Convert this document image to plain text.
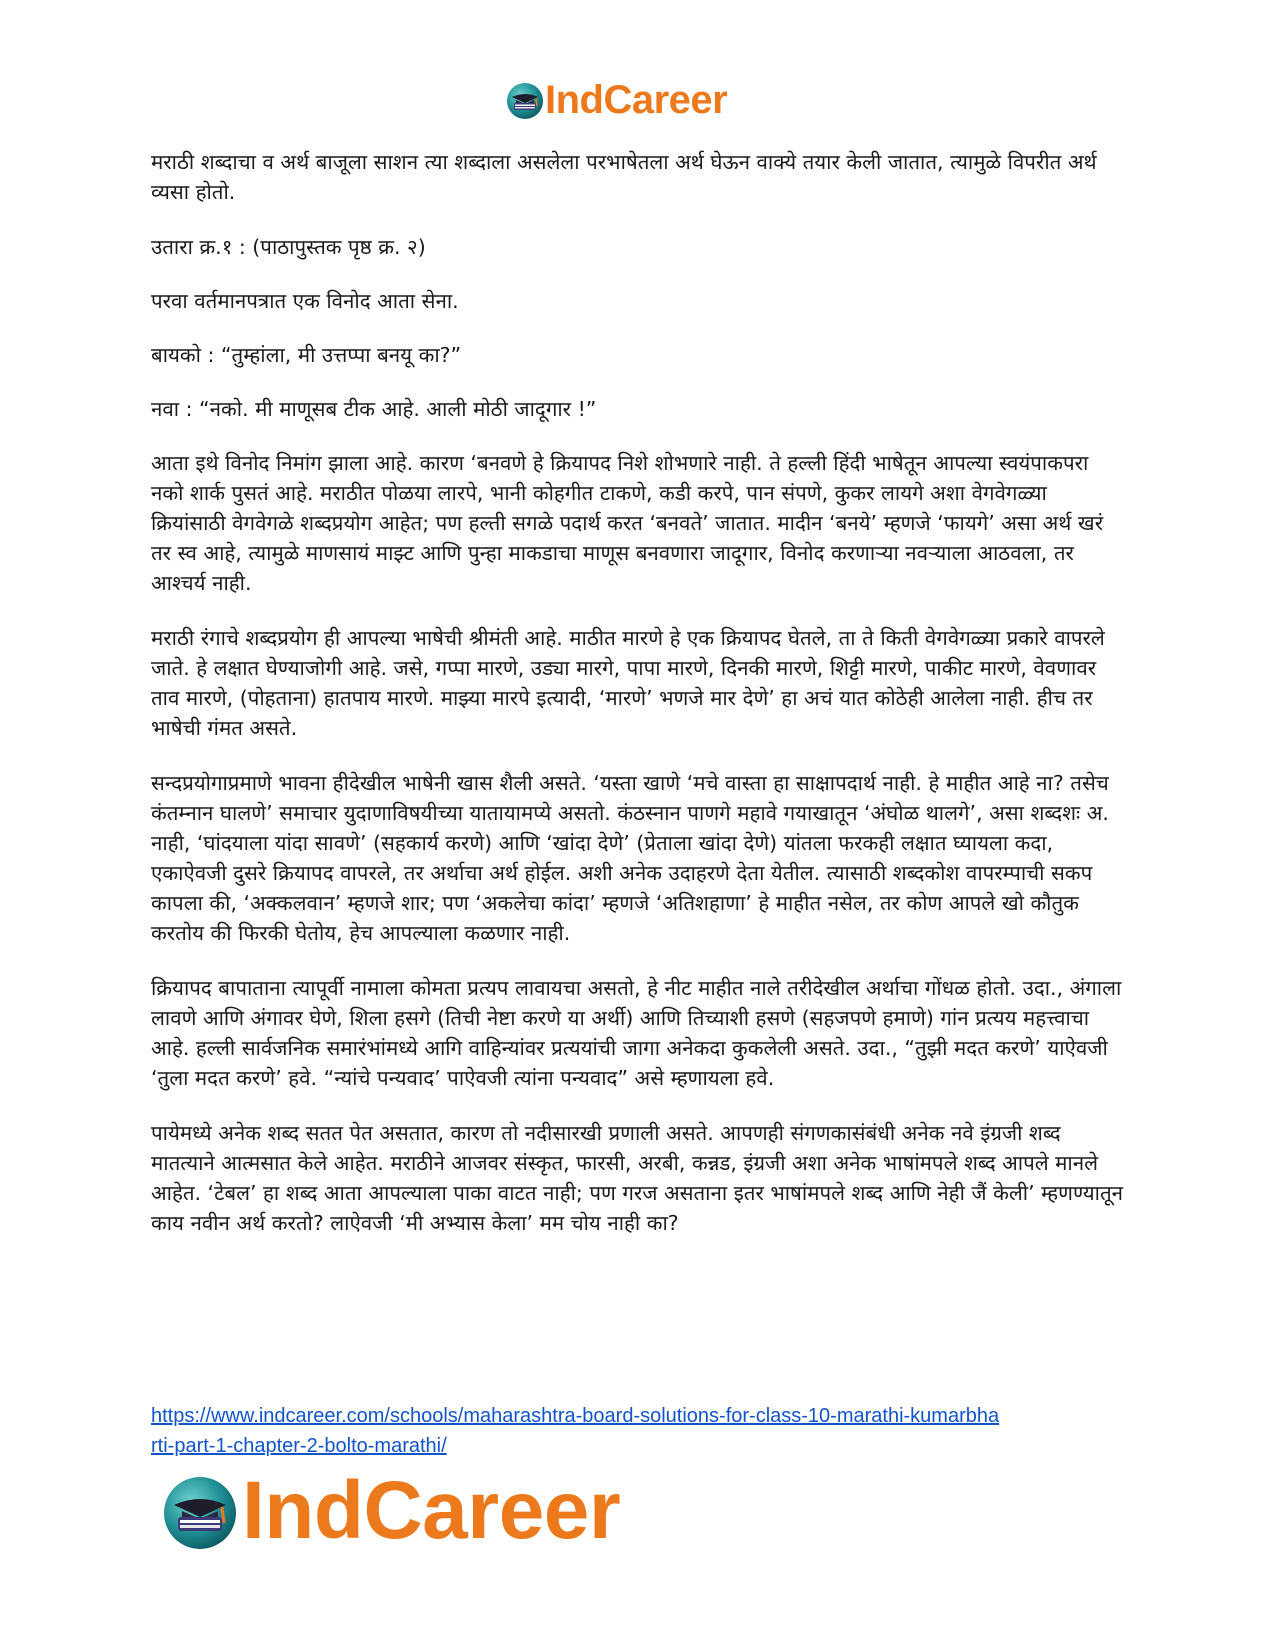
IndCareer

मराठी शब्दाचा व अर्थ बाजूला साशन त्या शब्दाला असलेला परभाषेतला अर्थ घेऊन वाक्ये तयार केली जातात, त्यामुळे विपरीत अर्थ व्यसा होतो.

उतारा क्र.१ : (पाठापुस्तक पृष्ठ क्र. २)

परवा वर्तमानपत्रात एक विनोद आता सेना.

बायको : “तुम्हांला, मी उत्तप्पा बनयू का?”

नवा : “नको. मी माणूसब टीक आहे. आली मोठी जादूगार !”

आता इथे विनोद निमांग झाला आहे. कारण ‘बनवणे हे क्रियापद निशे शोभणारे नाही. ते हल्ली हिंदी भाषेतून आपल्या स्वयंपाकपरा नको शार्क पुसतं आहे. मराठीत पोळया लारपे, भानी कोहगीत टाकणे, कडी करपे, पान संपणे, कुकर लायगे अशा वेगवेगळ्या क्रियांसाठी वेगवेगळे शब्दप्रयोग आहेत; पण हल्ती सगळे पदार्थ करत ‘बनवते’ जातात. मादीन ‘बनये’ म्हणजे ‘फायगे’ असा अर्थ खरं तर स्व आहे, त्यामुळे माणसायं माझ्ट आणि पुन्हा माकडाचा माणूस बनवणारा जादूगार, विनोद करणाऱ्या नवऱ्याला आठवला, तर आश्चर्य नाही.

मराठी रंगाचे शब्दप्रयोग ही आपल्या भाषेची श्रीमंती आहे. माठीत मारणे हे एक क्रियापद घेतले, ता ते किती वेगवेगळ्या प्रकारे वापरले जाते. हे लक्षात घेण्याजोगी आहे. जसे, गप्पा मारणे, उड्या मारगे, पापा मारणे, दिनकी मारणे, शिट्टी मारणे, पाकीट मारणे, वेवणावर ताव मारणे, (पोहताना) हातपाय मारणे. माझ्या मारपे इत्यादी, ‘मारणे’ भणजे मार देणे’ हा अचं यात कोठेही आलेला नाही. हीच तर भाषेची गंमत असते.

सन्दप्रयोगाप्रमाणे भावना हीदेखील भाषेनी खास शैली असते. ‘यस्ता खाणे ‘मचे वास्ता हा साक्षापदार्थ नाही. हे माहीत आहे ना? तसेच कंतम्नान घालणे’ समाचार युदाणाविषयीच्या यातायामप्ये असतो. कंठस्नान पाणगे महावे गयाखातून ‘अंघोळ थालगे’, असा शब्दशः अ. नाही, ‘घांदयाला यांदा सावणे’ (सहकार्य करणे) आणि ‘खांदा देणे’ (प्रेताला खांदा देणे) यांतला फरकही लक्षात घ्यायला कदा, एकाऐवजी दुसरे क्रियापद वापरले, तर अर्थाचा अर्थ होईल. अशी अनेक उदाहरणे देता येतील. त्यासाठी शब्दकोश वापरम्पाची सकप कापला की, ‘अक्कलवान’ म्हणजे शार; पण ‘अकलेचा कांदा’ म्हणजे ‘अतिशहाणा’ हे माहीत नसेल, तर कोण आपले खो कौतुक करतोय की फिरकी घेतोय, हेच आपल्याला कळणार नाही.

क्रियापद बापाताना त्यापूर्वी नामाला कोमता प्रत्यप लावायचा असतो, हे नीट माहीत नाले तरीदेखील अर्थाचा गोंधळ होतो. उदा., अंगाला लावणे आणि अंगावर घेणे, शिला हसगे (तिची नेष्टा करणे या अर्थी) आणि तिच्याशी हसणे (सहजपणे हमाणे) गांन प्रत्यय महत्त्वाचा आहे. हल्ली सार्वजनिक समारंभांमध्ये आगि वाहिन्यांवर प्रत्ययांची जागा अनेकदा कुकलेली असते. उदा., “तुझी मदत करणे’ याऐवजी ‘तुला मदत करणे’ हवे. “न्यांचे पन्यवाद’ पाऐवजी त्यांना पन्यवाद” असे म्हणायला हवे.

पायेमध्ये अनेक शब्द सतत पेत असतात, कारण तो नदीसारखी प्रणाली असते. आपणही संगणकासंबंधी अनेक नवे इंग्रजी शब्द मातत्याने आत्मसात केले आहेत. मराठीने आजवर संस्कृत, फारसी, अरबी, कन्नड, इंग्रजी अशा अनेक भाषांमपले शब्द आपले मानले आहेत. ‘टेबल’ हा शब्द आता आपल्याला पाका वाटत नाही; पण गरज असताना इतर भाषांमपले शब्द आणि नेही जैं केली’ म्हणण्यातून काय नवीन अर्थ करतो? लाऐवजी ‘मी अभ्यास केला’ मम चोय नाही का?

https://www.indcareer.com/schools/maharashtra-board-solutions-for-class-10-marathi-kumarbha
rti-part-1-chapter-2-bolto-marathi/
IndCareer
